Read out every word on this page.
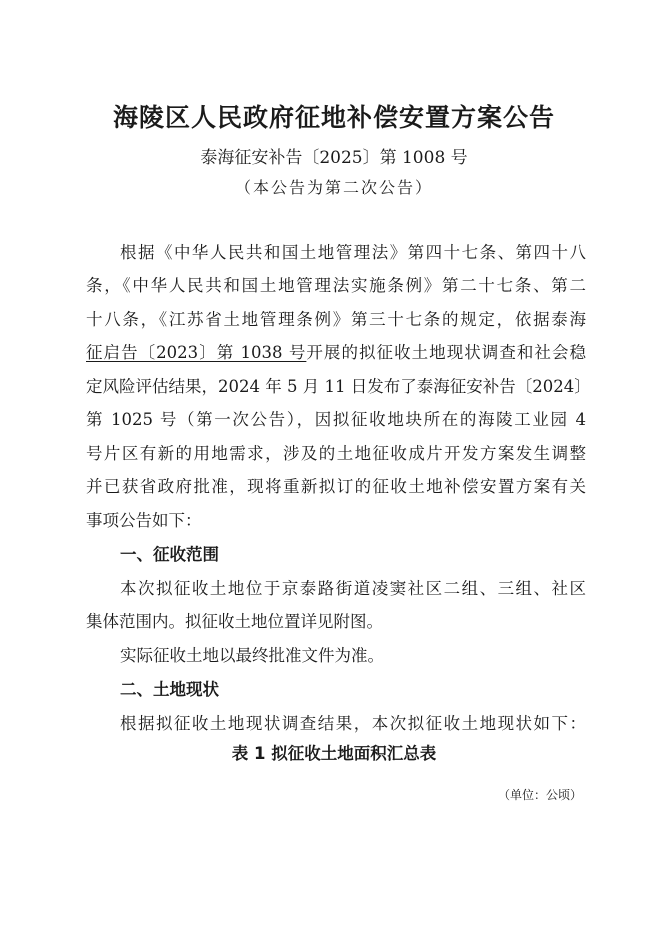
海陵区人民政府征地补偿安置方案公告
泰海征安补告〔2025〕第 1008 号
（本公告为第二次公告）
根据《中华人民共和国土地管理法》第四十七条、第四十八
条，《中华人民共和国土地管理法实施条例》第二十七条、第二
十八条，《江苏省土地管理条例》第三十七条的规定，依据泰海
征启告〔2023〕第 1038 号开展的拟征收土地现状调查和社会稳
定风险评估结果，2024 年 5 月 11 日发布了泰海征安补告〔2024〕
第 1025 号（第一次公告），因拟征收地块所在的海陵工业园 4
号片区有新的用地需求，涉及的土地征收成片开发方案发生调整
并已获省政府批准，现将重新拟订的征收土地补偿安置方案有关
事项公告如下：
一、征收范围
本次拟征收土地位于京泰路街道凌窦社区二组、三组、社区
集体范围内。拟征收土地位置详见附图。
实际征收土地以最终批准文件为准。
二、土地现状
根据拟征收土地现状调查结果，本次拟征收土地现状如下：
表 1 拟征收土地面积汇总表
（单位：公顷）
